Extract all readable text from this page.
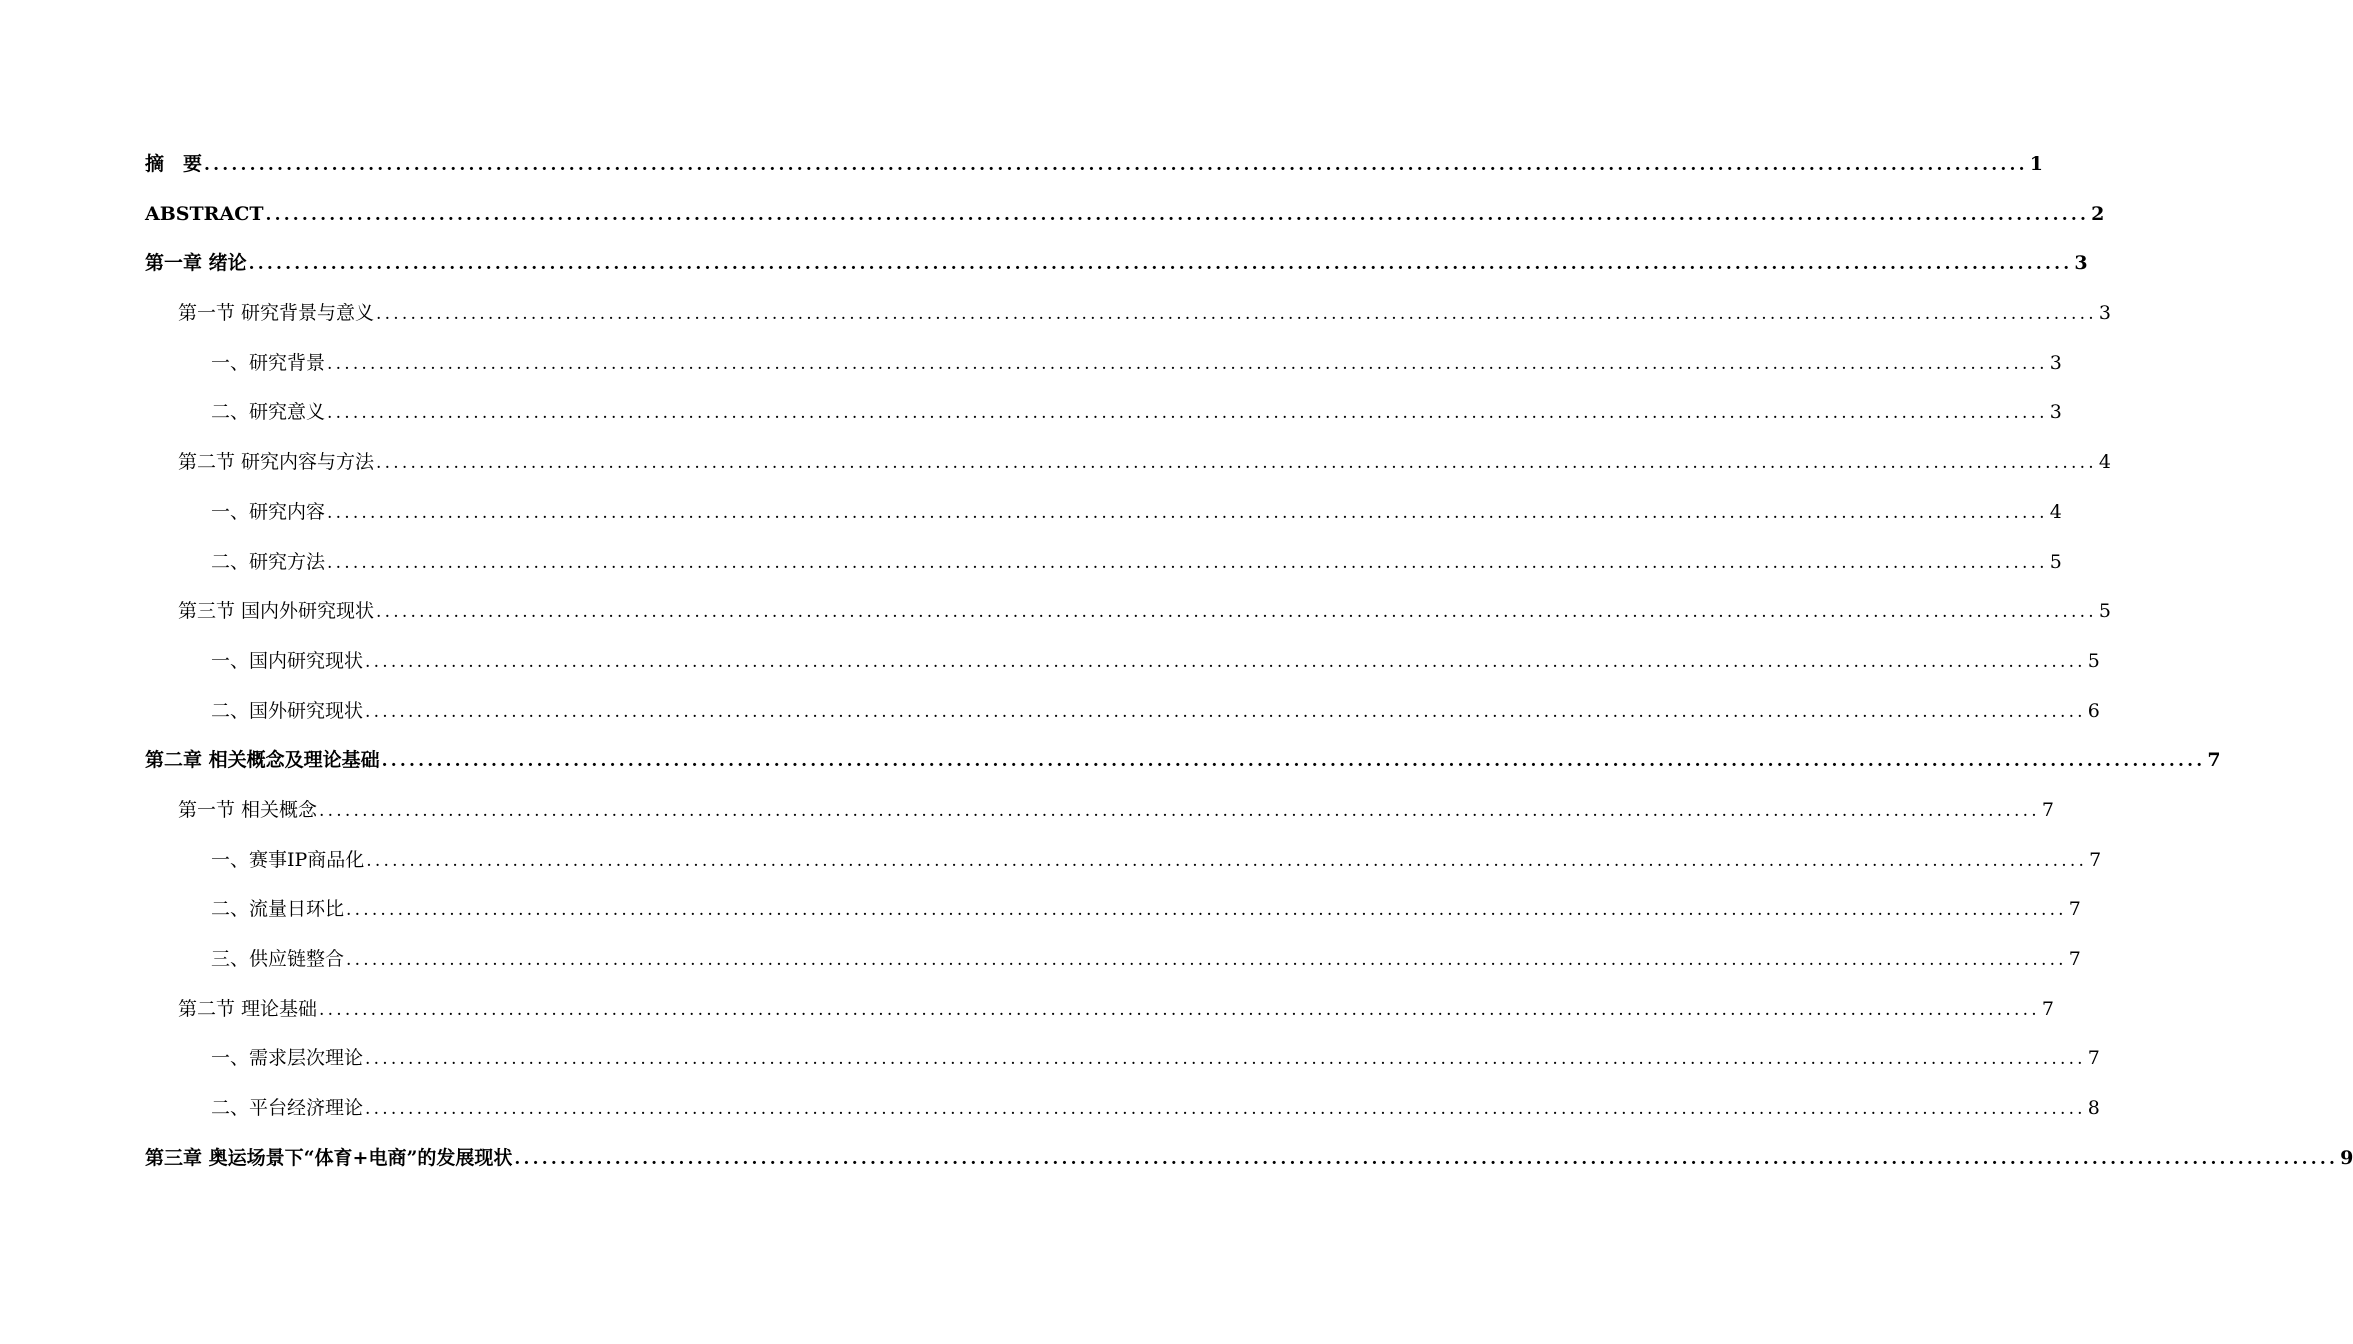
摘　要 ........................................................................................................................................................................................................ 1
ABSTRACT ........................................................................................................................................................................................................ 2
第一章 绪论 ........................................................................................................................................................................................................ 3
第一节 研究背景与意义 ........................................................................................................................................................................................................ 3
一、研究背景 ........................................................................................................................................................................................................ 3
二、研究意义 ........................................................................................................................................................................................................ 3
第二节 研究内容与方法 ........................................................................................................................................................................................................ 4
一、研究内容 ........................................................................................................................................................................................................ 4
二、研究方法 ........................................................................................................................................................................................................ 5
第三节 国内外研究现状 ........................................................................................................................................................................................................ 5
一、国内研究现状 ........................................................................................................................................................................................................ 5
二、国外研究现状 ........................................................................................................................................................................................................ 6
第二章 相关概念及理论基础 ........................................................................................................................................................................................................ 7
第一节 相关概念 ........................................................................................................................................................................................................ 7
一、赛事IP商品化 ........................................................................................................................................................................................................ 7
二、流量日环比 ........................................................................................................................................................................................................ 7
三、供应链整合 ........................................................................................................................................................................................................ 7
第二节 理论基础 ........................................................................................................................................................................................................ 7
一、需求层次理论 ........................................................................................................................................................................................................ 7
二、平台经济理论 ........................................................................................................................................................................................................ 8
第三章 奥运场景下“体育+电商”的发展现状 ........................................................................................................................................................................................................ 9
